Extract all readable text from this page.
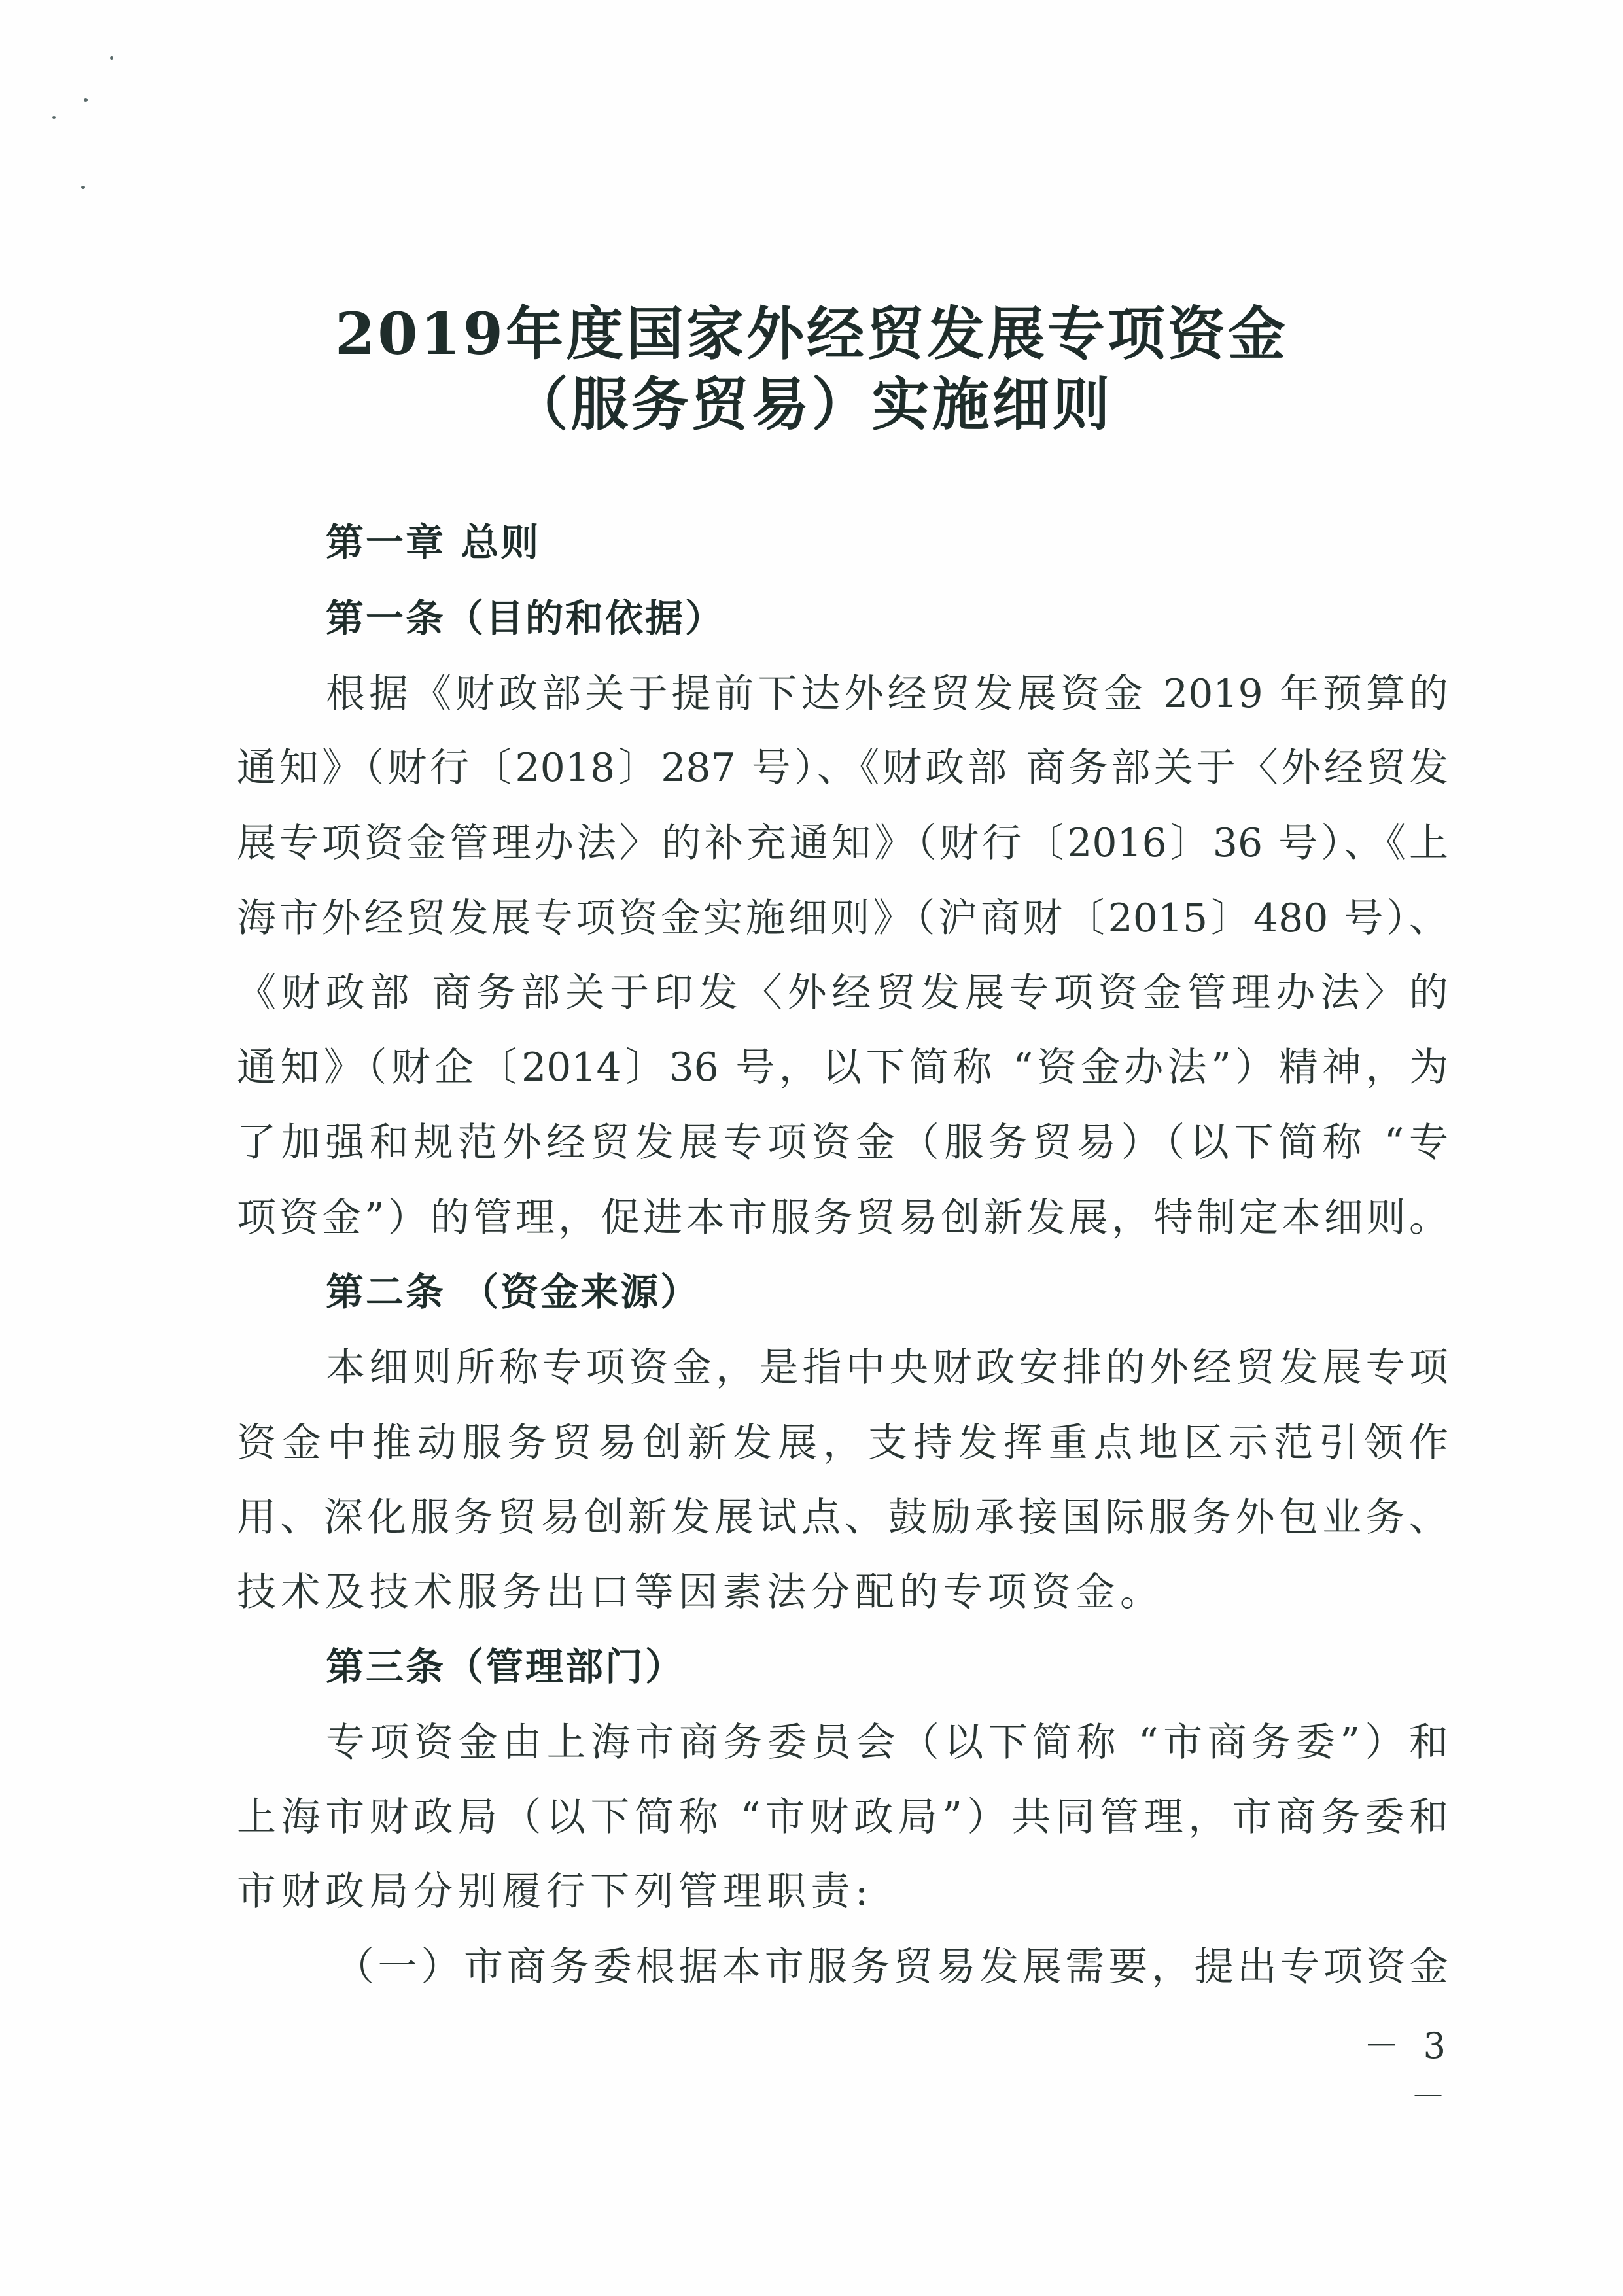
2019年度国家外经贸发展专项资金
（服务贸易）实施细则
第一章 总则
第一条（目的和依据）
根据《财政部关于提前下达外经贸发展资金 2019 年预算的
通知》（财行〔2018〕287 号）、《财政部 商务部关于〈外经贸发
展专项资金管理办法〉的补充通知》（财行〔2016〕36 号）、《上
海市外经贸发展专项资金实施细则》（沪商财〔2015〕480 号）、
《财政部 商务部关于印发〈外经贸发展专项资金管理办法〉的
通知》（财企〔2014〕36 号，以下简称 “资金办法”）精神，为
了加强和规范外经贸发展专项资金（服务贸易）（以下简称 “专
项资金”）的管理，促进本市服务贸易创新发展，特制定本细则。
第二条 （资金来源）
本细则所称专项资金，是指中央财政安排的外经贸发展专项
资金中推动服务贸易创新发展，支持发挥重点地区示范引领作
用、深化服务贸易创新发展试点、鼓励承接国际服务外包业务、
技术及技术服务出口等因素法分配的专项资金。
第三条（管理部门）
专项资金由上海市商务委员会（以下简称 “市商务委”）和
上海市财政局（以下简称 “市财政局”）共同管理，市商务委和
市财政局分别履行下列管理职责:
（一）市商务委根据本市服务贸易发展需要，提出专项资金
－ 3 －
